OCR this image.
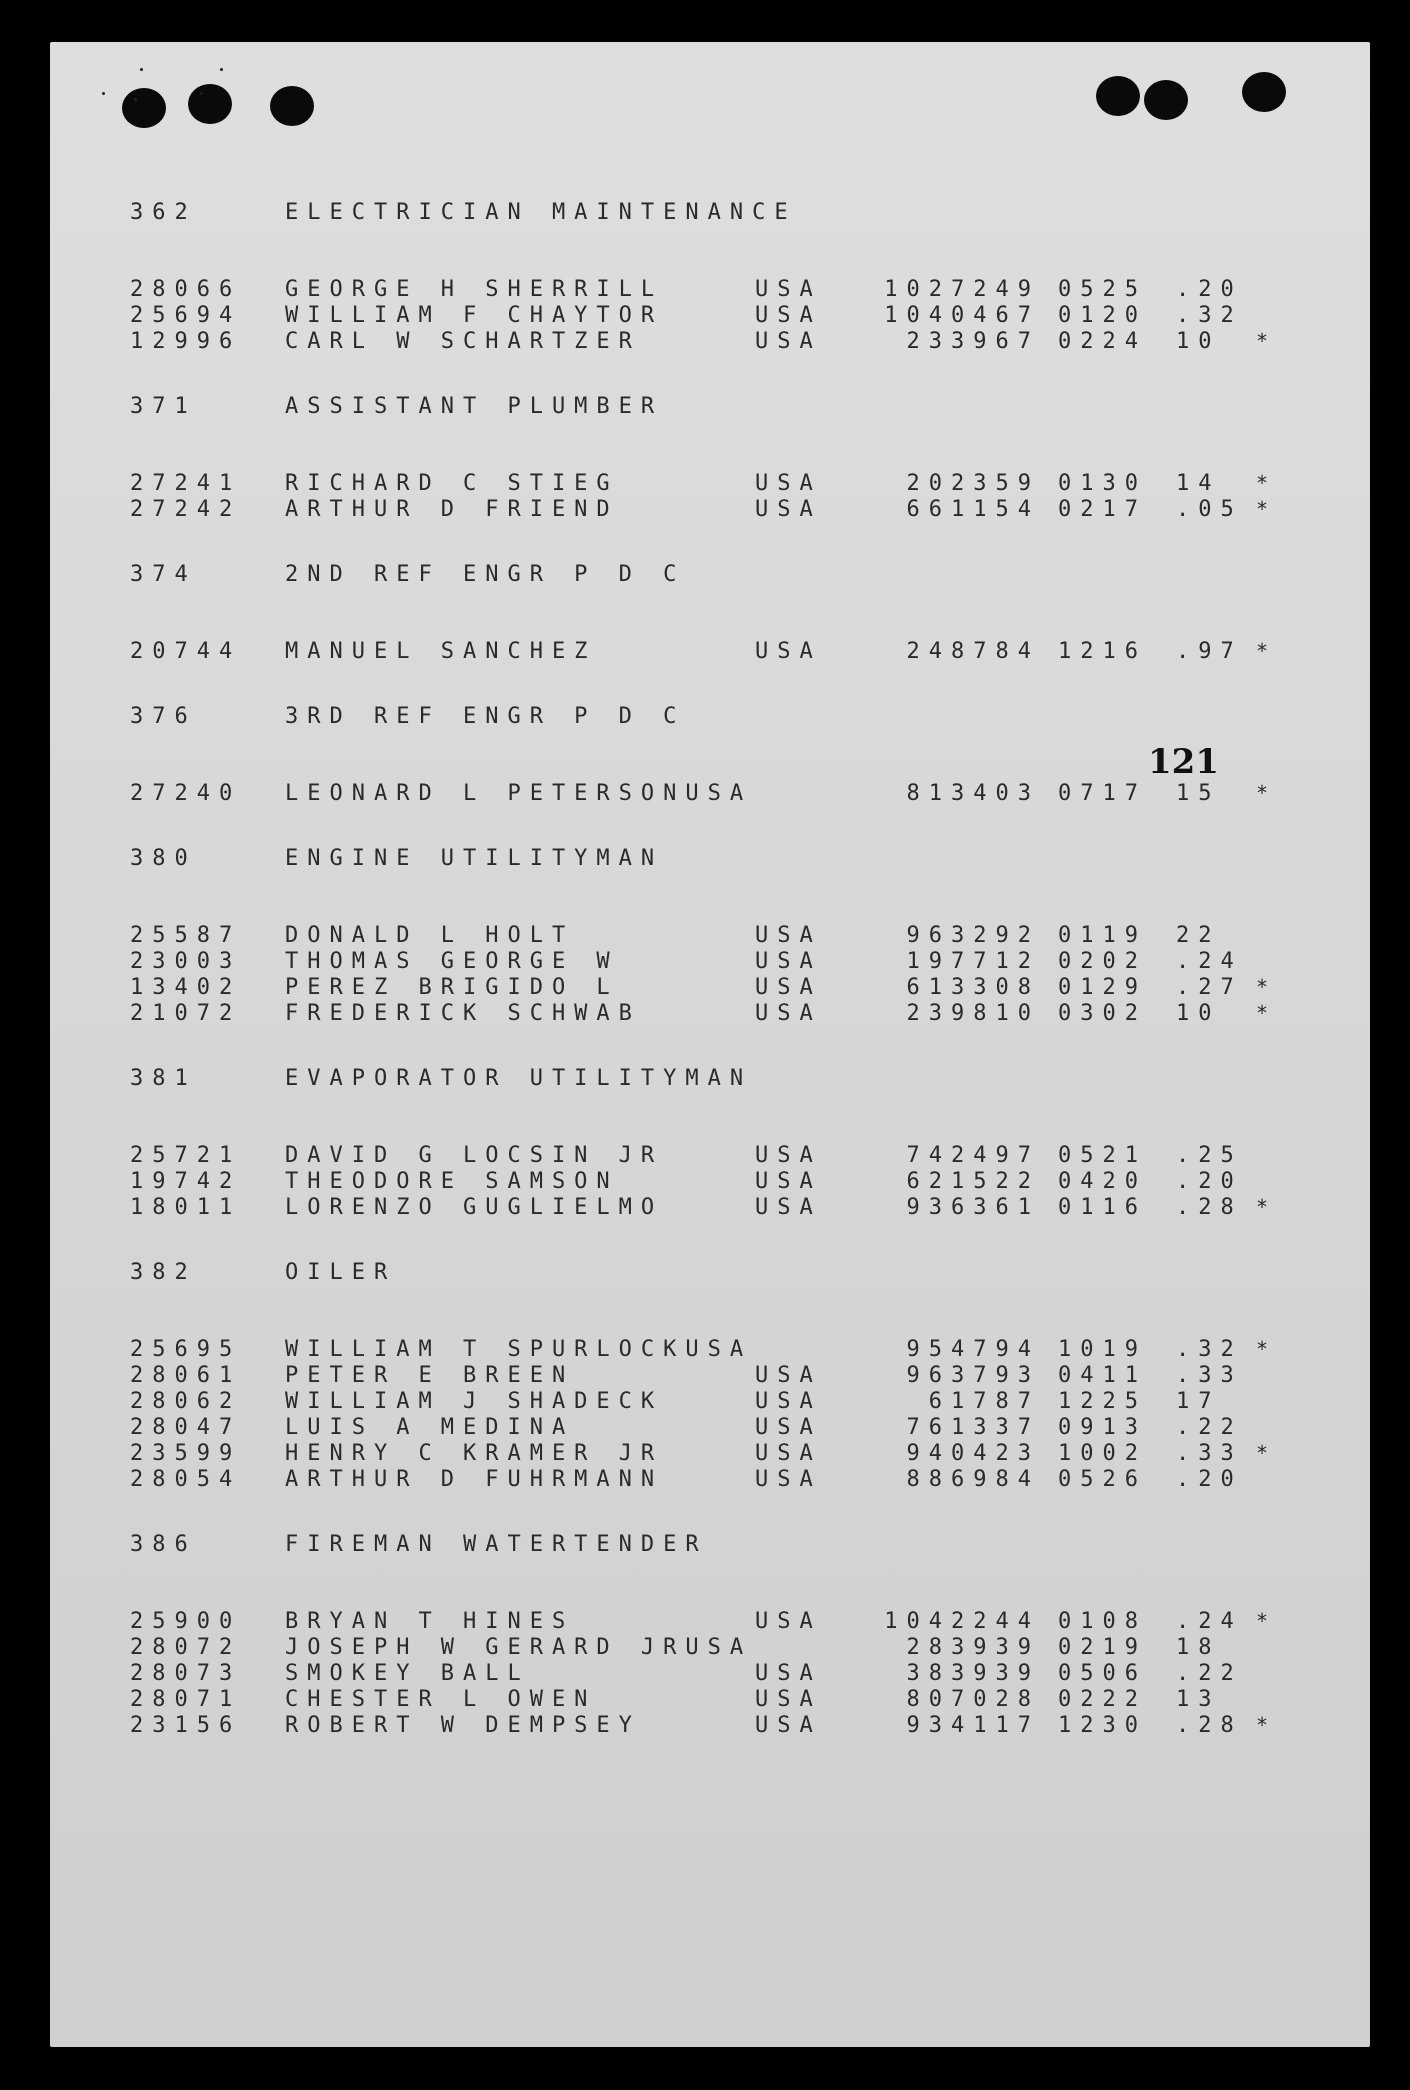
121
362	ELECTRICIAN MAINTENANCE
28066	GEORGE H SHERRILL	USA	1027249 0525	.20
25694	WILLIAM F CHAYTOR	USA	1040467 0120	.32
12996	CARL W SCHARTZER	USA	233967 0224	10	*
371	ASSISTANT PLUMBER
27241	RICHARD C STIEG	USA	202359 0130	14	*
27242	ARTHUR D FRIEND	USA	661154 0217	.05 *
374	2ND REF ENGR P D C
20744	MANUEL SANCHEZ	USA	248784 1216	.97 *
376	3RD REF ENGR P D C
27240	LEONARD L PETERSONUSA	813403 0717	15	*
380	ENGINE UTILITYMAN
25587	DONALD L HOLT	USA	963292 0119	22
23003	THOMAS GEORGE W	USA	197712 0202	.24
13402	PEREZ BRIGIDO L	USA	613308 0129	.27 *
21072	FREDERICK SCHWAB	USA	239810 0302	10	*
381	EVAPORATOR UTILITYMAN
25721	DAVID G LOCSIN JR	USA	742497 0521	.25
19742	THEODORE SAMSON	USA	621522 0420	.20
18011	LORENZO GUGLIELMO	USA	936361 0116	.28 *
382	OILER
25695	WILLIAM T SPURLOCKUSA	954794 1019	.32 *
28061	PETER E BREEN	USA	963793 0411	.33
28062	WILLIAM J SHADECK	USA	61787 1225	17
28047	LUIS A MEDINA	USA	761337 0913	.22
23599	HENRY C KRAMER JR	USA	940423 1002	.33 *
28054	ARTHUR D FUHRMANN	USA	886984 0526	.20
386	FIREMAN WATERTENDER
25900	BRYAN T HINES	USA	1042244 0108	.24 *
28072	JOSEPH W GERARD JRUSA	283939 0219	18
28073	SMOKEY BALL	USA	383939 0506	.22
28071	CHESTER L OWEN	USA	807028 0222	13
23156	ROBERT W DEMPSEY	USA	934117 1230	.28 *
